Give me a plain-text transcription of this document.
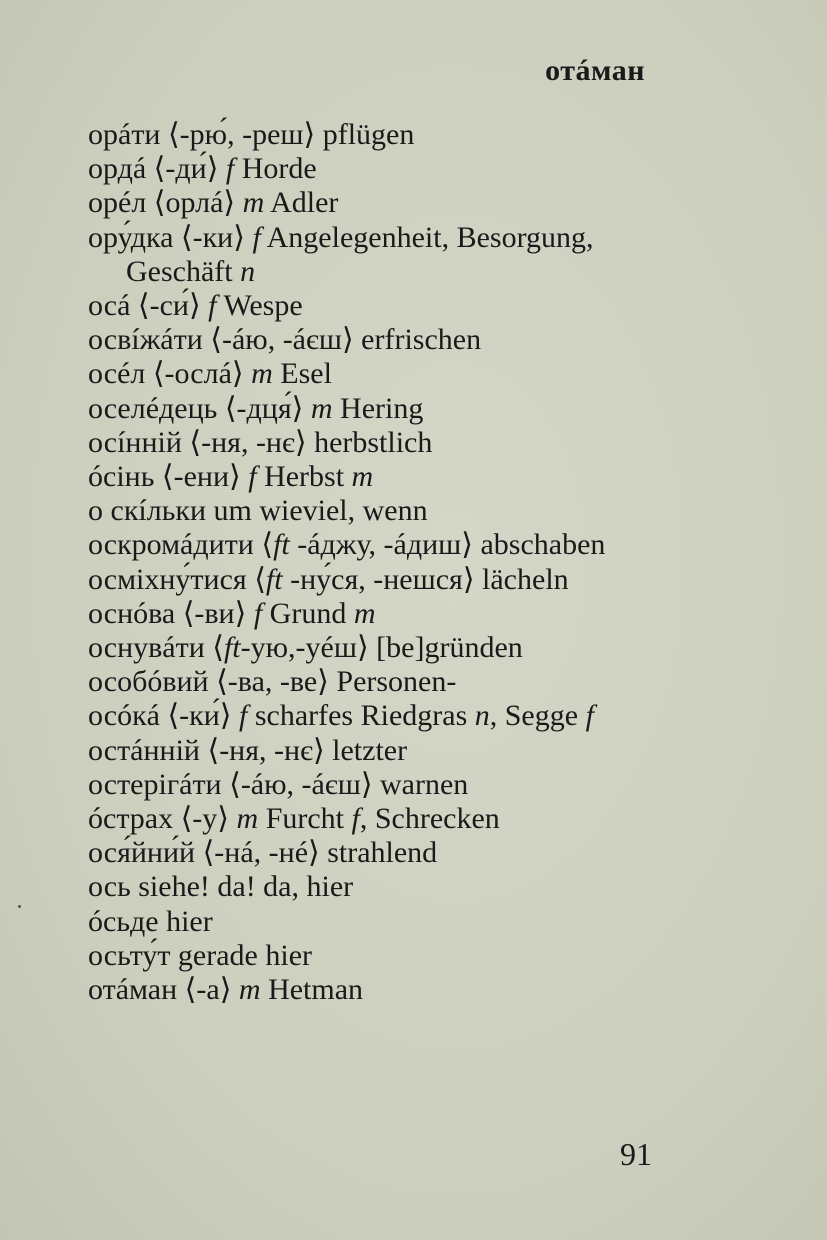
отáман
орáти ⟨-рю́, -реш⟩ pflügen
ордá ⟨-ди́⟩ f Horde
орéл ⟨орлá⟩ m Adler
ору́дка ⟨-ки⟩ f Angelegenheit, Besorgung, Geschäft n
осá ⟨-си́⟩ f Wespe
освíжáти ⟨-áю, -áєш⟩ erfrischen
осéл ⟨-ослá⟩ m Esel
оселéдець ⟨-дця́⟩ m Hering
осíнній ⟨-ня, -нє⟩ herbstlich
óсінь ⟨-ени⟩ f Herbst m
о скíльки um wieviel, wenn
оскромáдити ⟨ft -áджу, -áдиш⟩ abschaben
осміхну́тися ⟨ft -ну́ся, -нешся⟩ lächeln
оснóва ⟨-ви⟩ f Grund m
оснувáти ⟨ft-ую,-уéш⟩ [be]gründen
особóвий ⟨-ва, -ве⟩ Personen-
осóкá ⟨-ки́⟩ f scharfes Riedgras n, Segge f
остáнній ⟨-ня, -нє⟩ letzter
остерігáти ⟨-áю, -áєш⟩ warnen
óстрах ⟨-у⟩ m Furcht f, Schrecken
ося́йни́й ⟨-нá, -нé⟩ strahlend
ось siehe! da! da, hier
óсьде hier
осьту́т gerade hier
отáман ⟨-а⟩ m Hetman
91
